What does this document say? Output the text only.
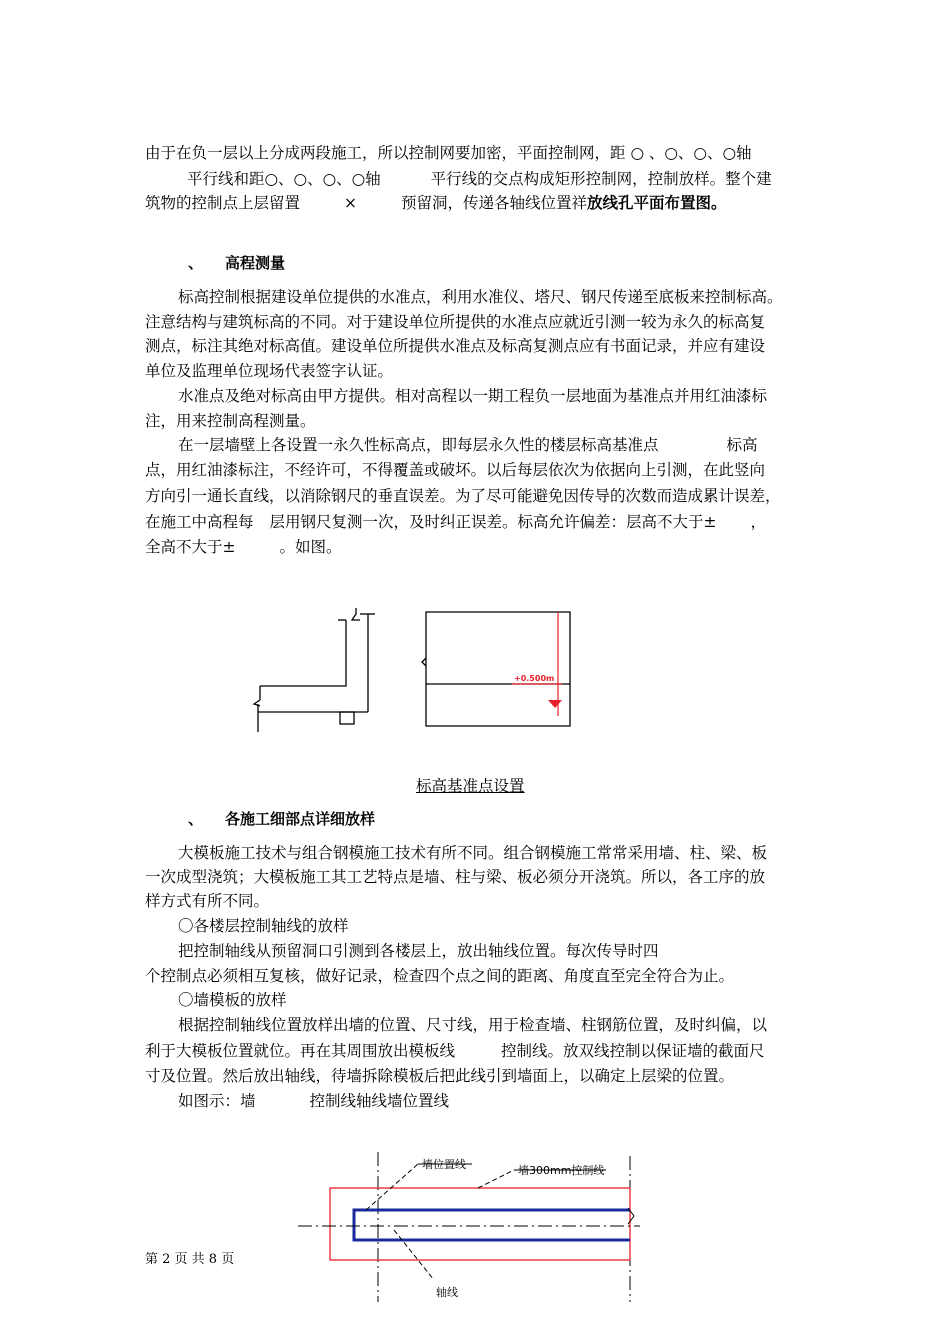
由于在负一层以上分成两段施工，所以控制网要加密，平面控制网，距 ○ 、○、○、○轴
平行线和距○、○、○、○轴	平行线的交点构成矩形控制网，控制放样。整个建
筑物的控制点上层留置	×	预留洞，传递各轴线位置祥放线孔平面布置图。
、 高程测量
标高控制根据建设单位提供的水准点，利用水准仪、塔尺、钢尺传递至底板来控制标高。
注意结构与建筑标高的不同。对于建设单位所提供的水准点应就近引测一较为永久的标高复
测点，标注其绝对标高值。建设单位所提供水准点及标高复测点应有书面记录，并应有建设
单位及监理单位现场代表签字认证。
水准点及绝对标高由甲方提供。相对高程以一期工程负一层地面为基准点并用红油漆标
注，用来控制高程测量。
在一层墙壁上各设置一永久性标高点，即每层永久性的楼层标高基准点	标高
点，用红油漆标注，不经许可，不得覆盖或破坏。以后每层依次为依据向上引测，在此竖向
方向引一通长直线，以消除钢尺的垂直误差。为了尽可能避免因传导的次数而造成累计误差，
在施工中高程每 层用钢尺复测一次，及时纠正误差。标高允许偏差：层高不大于± ，
全高不大于±	。如图。
+0.500m
标高基准点设置
、 各施工细部点详细放样
大模板施工技术与组合钢模施工技术有所不同。组合钢模施工常常采用墙、柱、梁、板
一次成型浇筑；大模板施工其工艺特点是墙、柱与梁、板必须分开浇筑。所以，各工序的放
样方式有所不同。
〇各楼层控制轴线的放样
把控制轴线从预留洞口引测到各楼层上，放出轴线位置。每次传导时四
个控制点必须相互复核，做好记录，检查四个点之间的距离、角度直至完全符合为止。
〇墙模板的放样
根据控制轴线位置放样出墙的位置、尺寸线，用于检查墙、柱钢筋位置，及时纠偏，以
利于大模板位置就位。再在其周围放出模板线	控制线。放双线控制以保证墙的截面尺
寸及位置。然后放出轴线，待墙拆除模板后把此线引到墙面上，以确定上层梁的位置。
如图示：墙	控制线轴线墙位置线
墙位置线	墙300mm控制线
轴线
第 2 页 共 8 页
